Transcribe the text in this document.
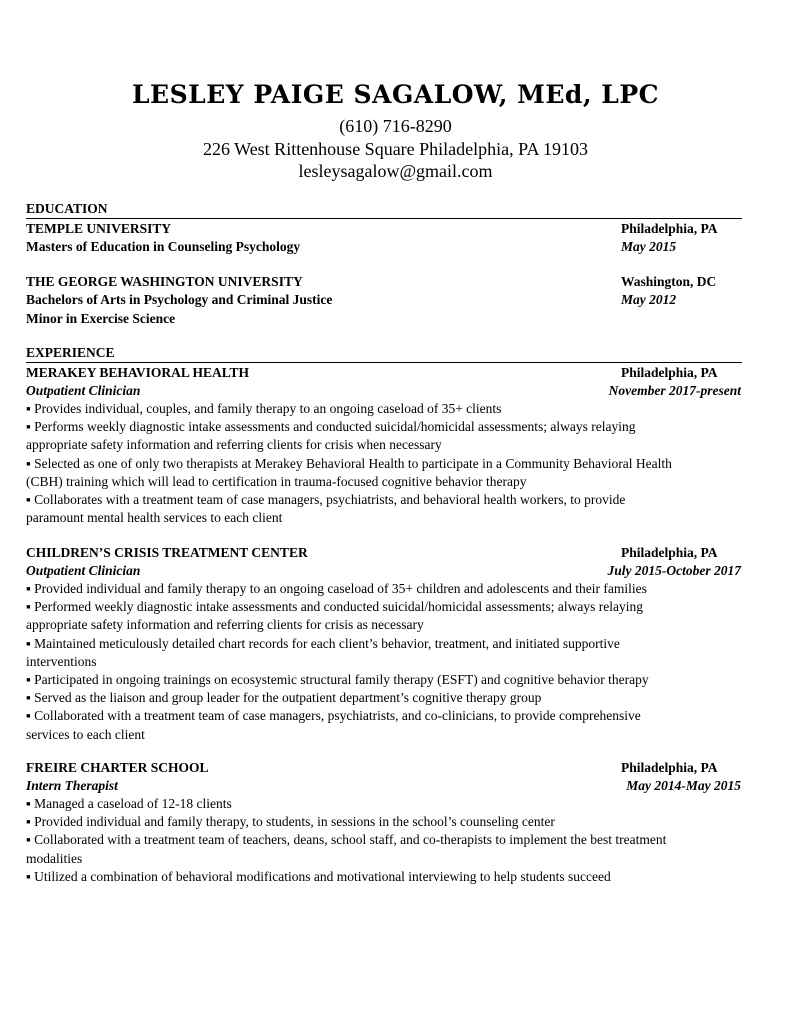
LESLEY PAIGE SAGALOW, MEd, LPC
(610) 716-8290
226 West Rittenhouse Square Philadelphia, PA 19103
lesleysagalow@gmail.com
EDUCATION
TEMPLE UNIVERSITY	Philadelphia, PA
Masters of Education in Counseling Psychology	May 2015
THE GEORGE WASHINGTON UNIVERSITY	Washington, DC
Bachelors of Arts in Psychology and Criminal Justice	May 2012
Minor in Exercise Science
EXPERIENCE
MERAKEY BEHAVIORAL HEALTH	Philadelphia, PA
Outpatient Clinician	November 2017-present
▪ Provides individual, couples, and family therapy to an ongoing caseload of 35+ clients
▪ Performs weekly diagnostic intake assessments and conducted suicidal/homicidal assessments; always relaying
appropriate safety information and referring clients for crisis when necessary
▪ Selected as one of only two therapists at Merakey Behavioral Health to participate in a Community Behavioral Health
(CBH) training which will lead to certification in trauma-focused cognitive behavior therapy
▪ Collaborates with a treatment team of case managers, psychiatrists, and behavioral health workers, to provide
paramount mental health services to each client
CHILDREN’S CRISIS TREATMENT CENTER	Philadelphia, PA
Outpatient Clinician	July 2015-October 2017
▪ Provided individual and family therapy to an ongoing caseload of 35+ children and adolescents and their families
▪ Performed weekly diagnostic intake assessments and conducted suicidal/homicidal assessments; always relaying
appropriate safety information and referring clients for crisis as necessary
▪ Maintained meticulously detailed chart records for each client’s behavior, treatment, and initiated supportive
interventions
▪ Participated in ongoing trainings on ecosystemic structural family therapy (ESFT) and cognitive behavior therapy
▪ Served as the liaison and group leader for the outpatient department’s cognitive therapy group
▪ Collaborated with a treatment team of case managers, psychiatrists, and co-clinicians, to provide comprehensive
services to each client
FREIRE CHARTER SCHOOL	Philadelphia, PA
Intern Therapist	May 2014-May 2015
▪ Managed a caseload of 12-18 clients
▪ Provided individual and family therapy, to students, in sessions in the school’s counseling center
▪ Collaborated with a treatment team of teachers, deans, school staff, and co-therapists to implement the best treatment
modalities
▪ Utilized a combination of behavioral modifications and motivational interviewing to help students succeed
